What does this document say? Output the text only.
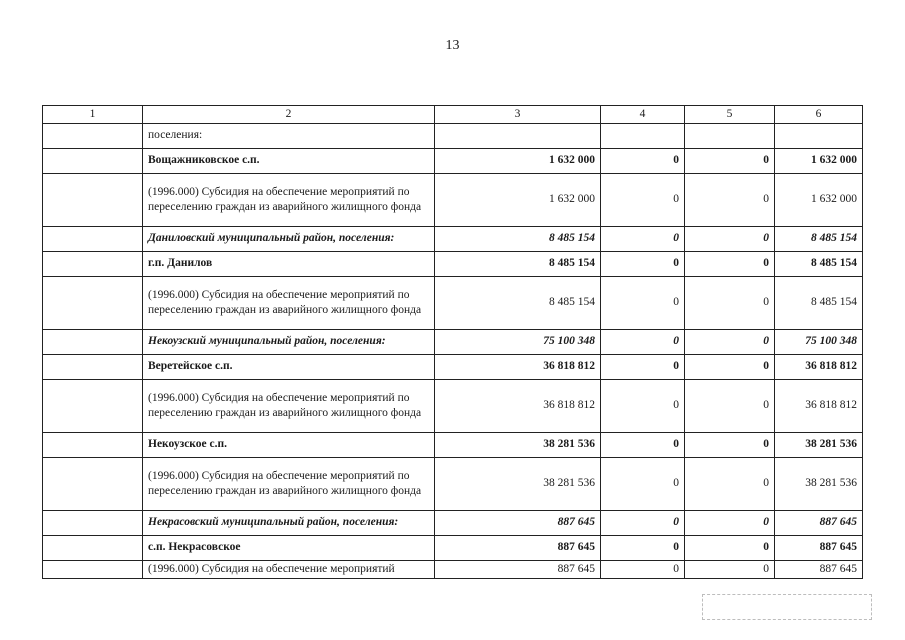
13
1	2	3	4	5	6
	поселения:				
	Вощажниковское с.п.	1 632 000	0	0	1 632 000
	(1996.000) Субсидия на обеспечение мероприятий по переселению граждан из аварийного жилищного фонда	1 632 000	0	0	1 632 000
	Даниловский муниципальный район, поселения:	8 485 154	0	0	8 485 154
	г.п. Данилов	8 485 154	0	0	8 485 154
	(1996.000) Субсидия на обеспечение мероприятий по переселению граждан из аварийного жилищного фонда	8 485 154	0	0	8 485 154
	Некоузский муниципальный район, поселения:	75 100 348	0	0	75 100 348
	Веретейское с.п.	36 818 812	0	0	36 818 812
	(1996.000) Субсидия на обеспечение мероприятий по переселению граждан из аварийного жилищного фонда	36 818 812	0	0	36 818 812
	Некоузское с.п.	38 281 536	0	0	38 281 536
	(1996.000) Субсидия на обеспечение мероприятий по переселению граждан из аварийного жилищного фонда	38 281 536	0	0	38 281 536
	Некрасовский муниципальный район, поселения:	887 645	0	0	887 645
	с.п. Некрасовское	887 645	0	0	887 645
	(1996.000) Субсидия на обеспечение мероприятий	887 645	0	0	887 645
